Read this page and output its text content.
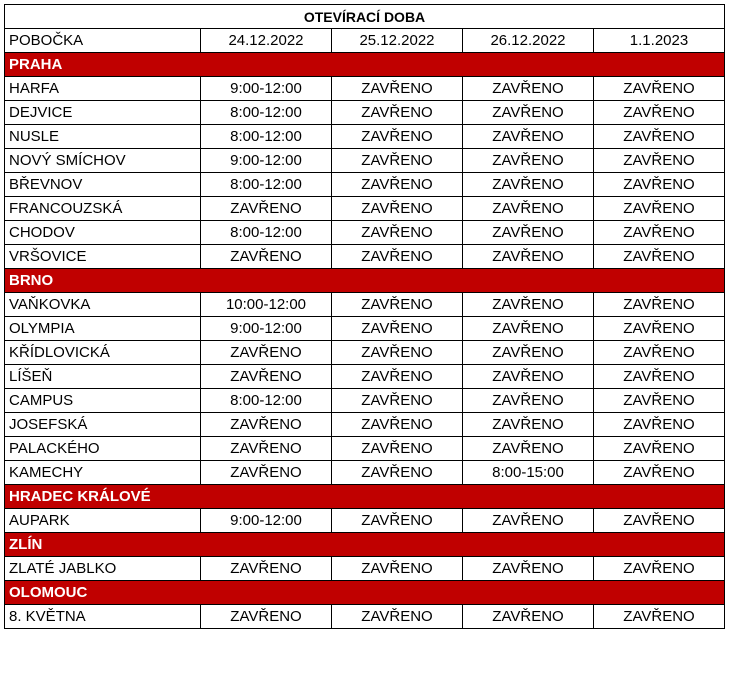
OTEVÍRACÍ DOBA				
POBOČKA	24.12.2022	25.12.2022	26.12.2022	1.1.2023
PRAHA				
HARFA	9:00-12:00	ZAVŘENO	ZAVŘENO	ZAVŘENO
DEJVICE	8:00-12:00	ZAVŘENO	ZAVŘENO	ZAVŘENO
NUSLE	8:00-12:00	ZAVŘENO	ZAVŘENO	ZAVŘENO
NOVÝ SMÍCHOV	9:00-12:00	ZAVŘENO	ZAVŘENO	ZAVŘENO
BŘEVNOV	8:00-12:00	ZAVŘENO	ZAVŘENO	ZAVŘENO
FRANCOUZSKÁ	ZAVŘENO	ZAVŘENO	ZAVŘENO	ZAVŘENO
CHODOV	8:00-12:00	ZAVŘENO	ZAVŘENO	ZAVŘENO
VRŠOVICE	ZAVŘENO	ZAVŘENO	ZAVŘENO	ZAVŘENO
BRNO				
VAŇKOVKA	10:00-12:00	ZAVŘENO	ZAVŘENO	ZAVŘENO
OLYMPIA	9:00-12:00	ZAVŘENO	ZAVŘENO	ZAVŘENO
KŘÍDLOVICKÁ	ZAVŘENO	ZAVŘENO	ZAVŘENO	ZAVŘENO
LÍŠEŇ	ZAVŘENO	ZAVŘENO	ZAVŘENO	ZAVŘENO
CAMPUS	8:00-12:00	ZAVŘENO	ZAVŘENO	ZAVŘENO
JOSEFSKÁ	ZAVŘENO	ZAVŘENO	ZAVŘENO	ZAVŘENO
PALACKÉHO	ZAVŘENO	ZAVŘENO	ZAVŘENO	ZAVŘENO
KAMECHY	ZAVŘENO	ZAVŘENO	8:00-15:00	ZAVŘENO
HRADEC KRÁLOVÉ				
AUPARK	9:00-12:00	ZAVŘENO	ZAVŘENO	ZAVŘENO
ZLÍN				
ZLATÉ JABLKO	ZAVŘENO	ZAVŘENO	ZAVŘENO	ZAVŘENO
OLOMOUC				
8. KVĚTNA	ZAVŘENO	ZAVŘENO	ZAVŘENO	ZAVŘENO
